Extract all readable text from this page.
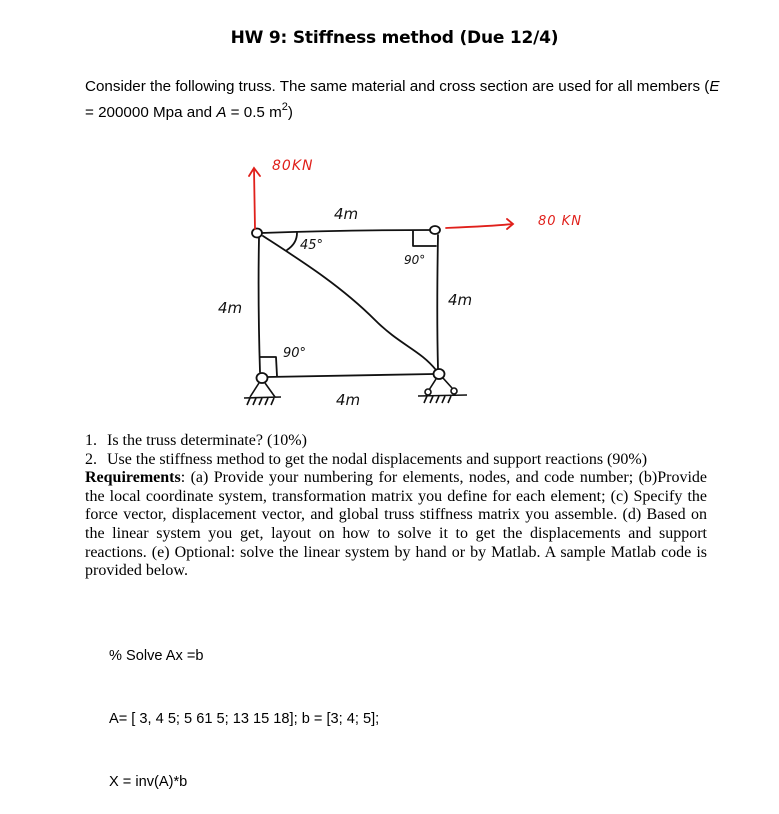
HW 9: Stiffness method (Due 12/4)
Consider the following truss. The same material and cross section are used for all members (E
= 200000 Mpa and A = 0.5 $m^2$)
80KN
80 KN
4m
4m
4m	4m
45°
90°
90°
1. Is the truss determinate? (10%)
2. Use the stiffness method to get the nodal displacements and support reactions (90%)
Requirements: (a) Provide your numbering for elements, nodes, and code number; (b)Provide the local coordinate system, transformation matrix you define for each element; (c) Specify the force vector, displacement vector, and global truss stiffness matrix you assemble. (d) Based on the linear system you get, layout on how to solve it to get the displacements and support reactions. (e) Optional: solve the linear system by hand or by Matlab. A sample Matlab code is provided below.

% Solve Ax =b

A= [ 3, 4 5; 5 61 5; 13 15 18]; b = [3; 4; 5];

X = inv(A)*b
